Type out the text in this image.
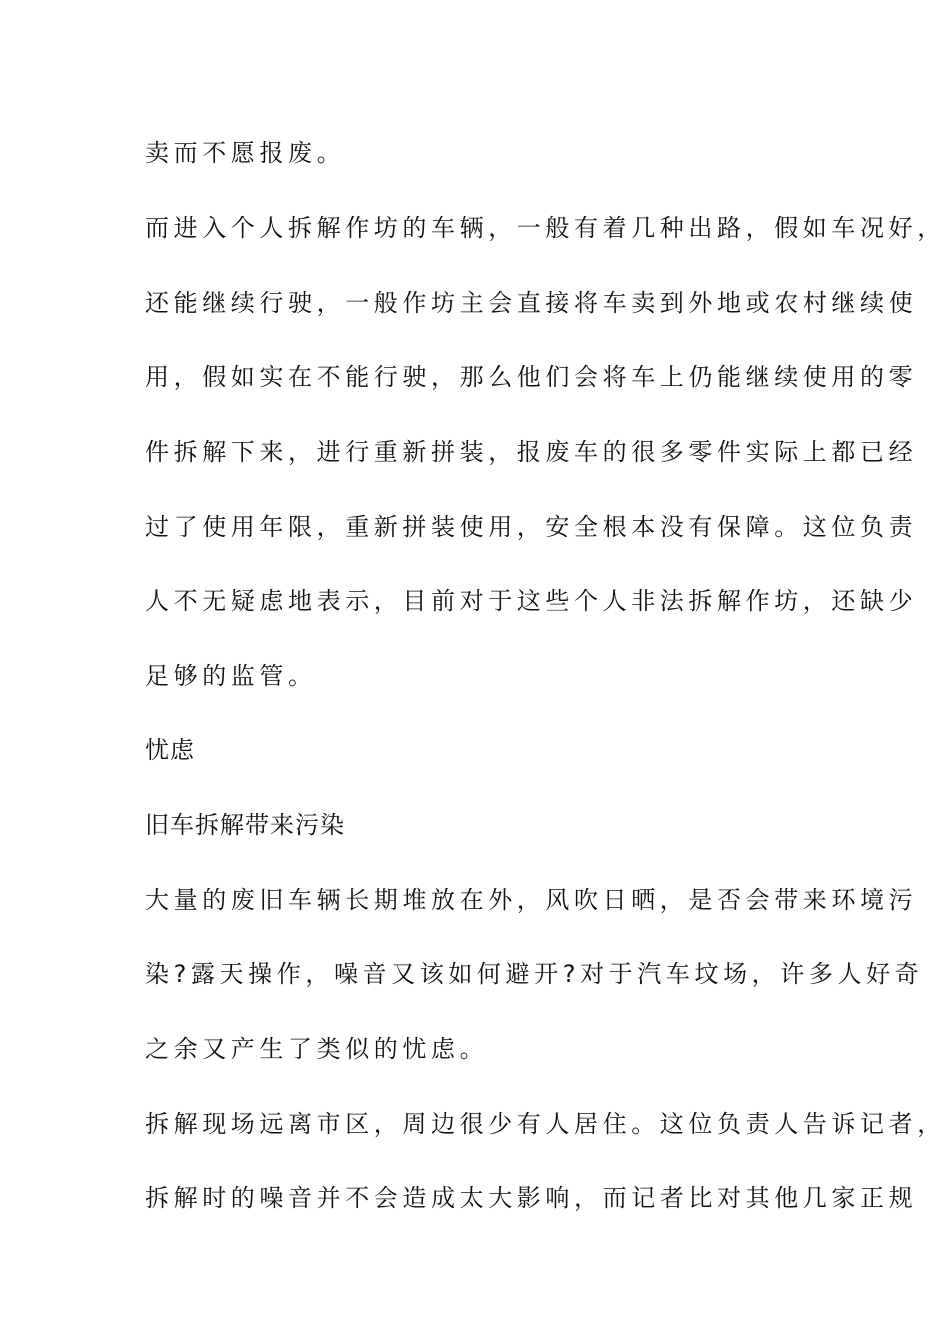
卖而不愿报废。
而进入个人拆解作坊的车辆，一般有着几种出路，假如车况好，
还能继续行驶，一般作坊主会直接将车卖到外地或农村继续使
用，假如实在不能行驶，那么他们会将车上仍能继续使用的零
件拆解下来，进行重新拼装，报废车的很多零件实际上都已经
过了使用年限，重新拼装使用，安全根本没有保障。这位负责
人不无疑虑地表示，目前对于这些个人非法拆解作坊，还缺少
足够的监管。
忧虑
旧车拆解带来污染
大量的废旧车辆长期堆放在外，风吹日晒，是否会带来环境污
染?露天操作，噪音又该如何避开?对于汽车坟场，许多人好奇
之余又产生了类似的忧虑。
拆解现场远离市区，周边很少有人居住。这位负责人告诉记者，
拆解时的噪音并不会造成太大影响，而记者比对其他几家正规
